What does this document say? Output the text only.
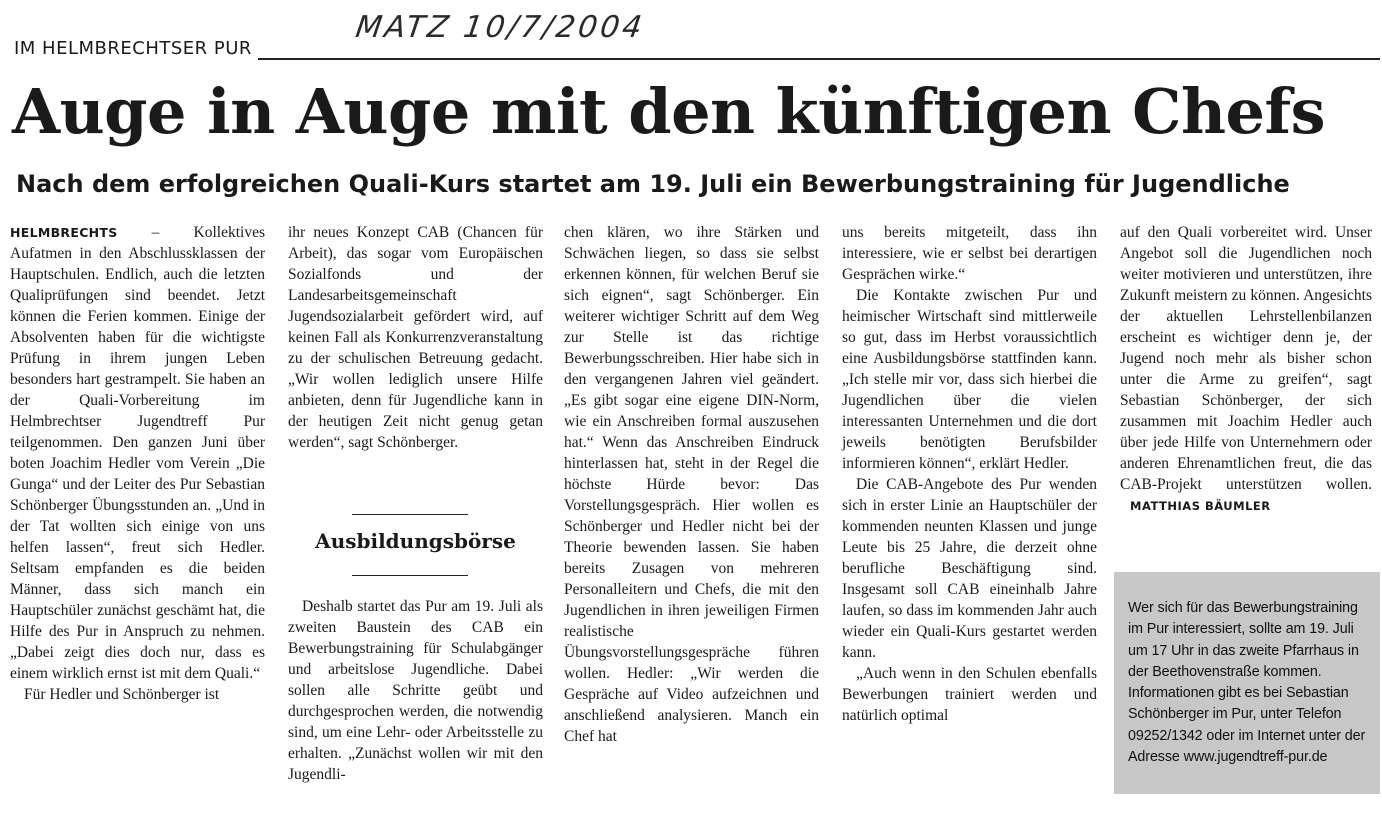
MATZ 10/7/2004
IM HELMBRECHTSER PUR
Auge in Auge mit den künftigen Chefs
Nach dem erfolgreichen Quali-Kurs startet am 19. Juli ein Bewerbungstraining für Jugendliche

HELMBRECHTS – Kollektives Aufatmen in den Abschlussklassen der Hauptschulen. Endlich, auch die letzten Qualiprüfungen sind beendet. Jetzt können die Ferien kommen. Einige der Absolventen haben für die wichtigste Prüfung in ihrem jungen Leben besonders hart gestrampelt. Sie haben an der Quali-Vorbereitung im Helmbrechtser Jugendtreff Pur teilgenommen. Den ganzen Juni über boten Joachim Hedler vom Verein „Die Gunga“ und der Leiter des Pur Sebastian Schönberger Übungsstunden an. „Und in der Tat wollten sich einige von uns helfen lassen“, freut sich Hedler. Seltsam empfanden es die beiden Männer, dass sich manch ein Hauptschüler zunächst geschämt hat, die Hilfe des Pur in Anspruch zu nehmen. „Dabei zeigt dies doch nur, dass es einem wirklich ernst ist mit dem Quali.“

Für Hedler und Schönberger ist

ihr neues Konzept CAB (Chancen für Arbeit), das sogar vom Europäischen Sozialfonds und der Landesarbeitsgemeinschaft Jugendsozialarbeit gefördert wird, auf keinen Fall als Konkurrenzveranstaltung zu der schulischen Betreuung gedacht. „Wir wollen lediglich unsere Hilfe anbieten, denn für Jugendliche kann in der heutigen Zeit nicht genug getan werden“, sagt Schönberger.

Ausbildungsbörse

Deshalb startet das Pur am 19. Juli als zweiten Baustein des CAB ein Bewerbungstraining für Schulabgänger und arbeitslose Jugendliche. Dabei sollen alle Schritte geübt und durchgesprochen werden, die notwendig sind, um eine Lehr- oder Arbeitsstelle zu erhalten. „Zunächst wollen wir mit den Jugendli-

chen klären, wo ihre Stärken und Schwächen liegen, so dass sie selbst erkennen können, für welchen Beruf sie sich eignen“, sagt Schönberger. Ein weiterer wichtiger Schritt auf dem Weg zur Stelle ist das richtige Bewerbungsschreiben. Hier habe sich in den vergangenen Jahren viel geändert. „Es gibt sogar eine eigene DIN-Norm, wie ein Anschreiben formal auszusehen hat.“ Wenn das Anschreiben Eindruck hinterlassen hat, steht in der Regel die höchste Hürde bevor: Das Vorstellungsgespräch. Hier wollen es Schönberger und Hedler nicht bei der Theorie bewenden lassen. Sie haben bereits Zusagen von mehreren Personalleitern und Chefs, die mit den Jugendlichen in ihren jeweiligen Firmen realistische Übungsvorstellungsgespräche führen wollen. Hedler: „Wir werden die Gespräche auf Video aufzeichnen und anschließend analysieren. Manch ein Chef hat

uns bereits mitgeteilt, dass ihn interessiere, wie er selbst bei derartigen Gesprächen wirke.“

Die Kontakte zwischen Pur und heimischer Wirtschaft sind mittlerweile so gut, dass im Herbst voraussichtlich eine Ausbildungsbörse stattfinden kann. „Ich stelle mir vor, dass sich hierbei die Jugendlichen über die vielen interessanten Unternehmen und die dort jeweils benötigten Berufsbilder informieren können“, erklärt Hedler.

Die CAB-Angebote des Pur wenden sich in erster Linie an Hauptschüler der kommenden neunten Klassen und junge Leute bis 25 Jahre, die derzeit ohne berufliche Beschäftigung sind. Insgesamt soll CAB eineinhalb Jahre laufen, so dass im kommenden Jahr auch wieder ein Quali-Kurs gestartet werden kann.

„Auch wenn in den Schulen ebenfalls Bewerbungen trainiert werden und natürlich optimal

auf den Quali vorbereitet wird. Unser Angebot soll die Jugendlichen noch weiter motivieren und unterstützen, ihre Zukunft meistern zu können. Angesichts der aktuellen Lehrstellenbilanzen erscheint es wichtiger denn je, der Jugend noch mehr als bisher schon unter die Arme zu greifen“, sagt Sebastian Schönberger, der sich zusammen mit Joachim Hedler auch über jede Hilfe von Unternehmern oder anderen Ehrenamtlichen freut, die das CAB-Projekt unterstützen wollen.MATTHIAS BÄUMLER

Wer sich für das Bewerbungstraining im Pur interessiert, sollte am 19. Juli um 17 Uhr in das zweite Pfarrhaus in der Beethovenstraße kommen. Informationen gibt es bei Sebastian Schönberger im Pur, unter Telefon 09252/1342 oder im Internet unter der Adresse www.jugendtreff-pur.de
